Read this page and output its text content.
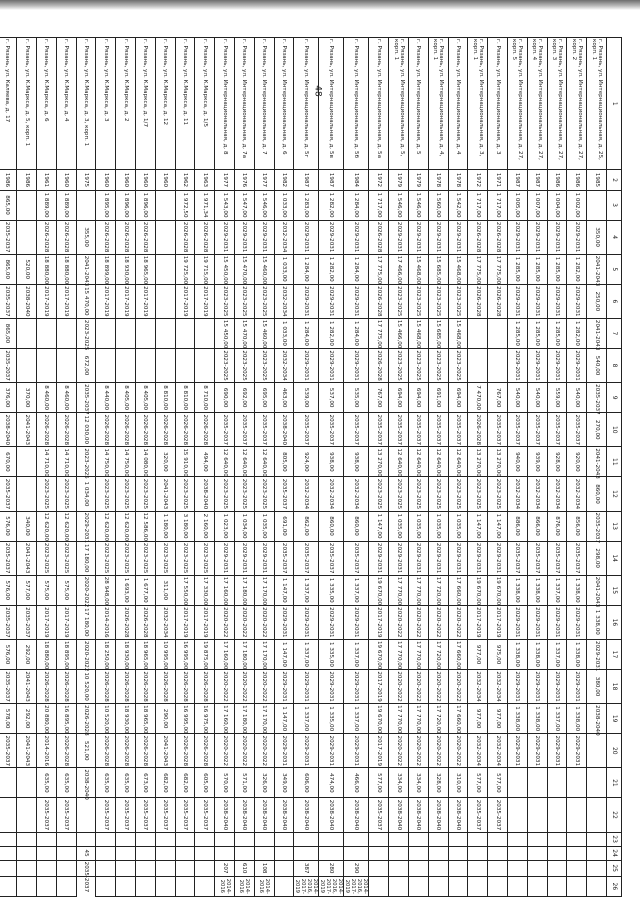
48
1	2	3	4	5	6	7	8	9	10	11	12	13	14	15	16	17	18	19	20	21	22	23	24	25	26
г. Рязань, ул. Интернациональная, д. 25, корп. 1	1985		350,00	2041-2043	250,00	2041-2043	540,00	2035-2037	270,00	2041-2043	860,00	2035-2037	298,00	2041-2043	1 338,00	2029-2031	380,00	2038-2040							
г. Рязань, ул. Интернациональная, д. 27, корп. 2	1986	1 002,00	2029-2031	1 282,00	2029-2031	1 282,00	2029-2031	540,00	2035-2037	920,00	2032-2034	856,00	2035-2037	1 338,00	2029-2031	1 338,00	2029-2031	1 338,00	2029-2031						
г. Рязань, ул. Интернациональная, д. 27, корп. 3	1986	1 004,00	2029-2031	1 285,00	2029-2031	1 285,00	2029-2031	559,00	2035-2037	928,00	2032-2034	876,00	2035-2037	1 337,00	2029-2031	1 337,00	2029-2031	1 337,00	2029-2031						
г. Рязань, ул. Интернациональная, д. 27, корп. 4	1987	1 007,00	2029-2031	1 285,00	2029-2031	1 285,00	2029-2031	540,00	2035-2037	939,00	2032-2034	866,00	2035-2037	1 338,00	2029-2031	1 338,00	2029-2031	1 338,00	2029-2031						
г. Рязань, ул. Интернациональная, д. 27, корп. 5	1987	1 005,00	2029-2031	1 285,00	2029-2031	1 285,00	2029-2031	540,00	2035-2037	940,00	2032-2034	886,00	2035-2037	1 338,00	2029-2031	1 338,00	2029-2031	1 338,00	2029-2031						
г. Рязань, ул. Интернациональная, д. 3	1971	1 717,00	2026-2028	17 775,00	2026-2028			767,00	2035-2037	13 270,00	2023-2025	1 147,00	2029-2031	19 670,00	2017-2019	975,00	2032-2034	977,00	2032-2034	577,00	2035-2037				
г. Рязань, ул. Интернациональная, д. 3, корп. 1	1972	1 717,00	2026-2028	17 775,00	2026-2028			7 470,00	2026-2028	13 270,00	2023-2025	1 147,00	2029-2031	19 670,00	2017-2019	977,00	2032-2034	977,00	2032-2034	577,00	2035-2037				
г. Рязань, ул. Интернациональная, д. 4	1978	1 542,00	2029-2031	15 468,00	2023-2025	15 468,00	2023-2025	694,00	2035-2037	12 640,00	2023-2025	1 035,00	2029-2031	17 660,00	2020-2022	17 660,00	2020-2022	17 660,00	2020-2022	310,00	2038-2040				
г. Рязань, ул. Интернациональная, д. 4, корп. 1	1978	1 560,00	2029-2031	15 685,00	2023-2025	15 685,00	2023-2025	691,00	2035-2037	12 640,00	2023-2025	1 035,00	2029-2031	17 720,00	2020-2022	17 720,00	2020-2022	17 720,00	2020-2022	328,00	2038-2040				
г. Рязань, ул. Интернациональная, д. 5	1979	1 546,00	2029-2031	15 468,00	2023-2025	15 468,00	2023-2025	694,00	2035-2037	12 640,00	2023-2025	1 035,00	2029-2031	17 770,00	2020-2022	17 770,00	2020-2022	17 770,00	2020-2022	334,00	2038-2040				
г. Рязань, ул. Интернациональная, д. 5, корп. 1	1979	1 546,00	2029-2031	17 466,00	2023-2025	15 466,00	2023-2025	694,00	2035-2037	12 640,00	2023-2025	1 035,00	2029-2031	17 770,00	2020-2022	17 770,00	2020-2022	17 770,00	2020-2022	334,00	2038-2040				
г. Рязань, ул. Интернациональная, д. 5а	1972	1 717,00	2026-2028	17 775,00	2026-2028	17 775,00	2026-2028	767,00	2035-2037	13 270,00	2023-2025	1 147,00	2029-2031	19 670,00	2017-2019	19 670,00	2017-2019	19 670,00	2017-2019	577,00	2035-2037				
г. Рязань, ул. Интернациональная, д. 5б	1984	1 284,00	2029-2031	1 284,00	2029-2031	1 284,00	2029-2031	535,00	2035-2037	938,00	2032-2034	860,00	2035-2037	1 337,00	2029-2031	1 337,00	2029-2031	1 337,00	2029-2031	466,00	2038-2040			290	2014-2016, 2017-2019
г. Рязань, ул. Интернациональная, д. 5в	1987	1 282,00	2029-2031	1 282,00	2029-2031	1 282,00	2029-2031	537,00	2035-2037	938,00	2032-2034	860,00	2035-2037	1 335,00	2029-2031	1 335,00	2029-2031	1 335,00	2029-2031	474,00	2038-2040			280	2014-2016, 2017-2019
г. Рязань, ул. Интернациональная, д. 5г	1987	1 283,00	2029-2031	1 284,00	2029-2031	1 284,00	2029-2031	539,00	2035-2037	924,00	2032-2034	862,00	2035-2037	1 337,00	2029-2031	1 337,00	2029-2031	1 337,00	2029-2031	606,00	2038-2040			387	2014-2016, 2017-2019
г. Рязань, ул. Интернациональная, д. 6	1982	1 033,00	2032-2034	1 033,00	2032-2034	1 033,00	2032-2034	463,00	2038-2040	805,00	2035-2037	691,00	2035-2037	1 147,00	2029-2031	1 147,00	2029-2031	1 147,00	2029-2031	349,00	2038-2040				
г. Рязань, ул. Интернациональная, д. 7	1977	1 546,00	2029-2031	15 460,00	2023-2025	15 460,00	2023-2025	695,00	2035-2037	12 640,00	2023-2025	1 035,00	2029-2031	17 170,00	2020-2022	17 170,00	2020-2022	17 170,00	2020-2022	326,00	2038-2040			108	2014-2016
г. Рязань, ул. Интернациональная, д. 7а	1976	1 547,00	2029-2031	15 470,00	2023-2025	15 470,00	2023-2025	692,00	2035-2037	12 640,00	2023-2025	1 034,00	2029-2031	17 180,00	2020-2022	17 180,00	2020-2022	17 180,00	2020-2022	571,00	2038-2040			610	2014-2016
г. Рязань, ул. Интернациональная, д. 8	1977	1 543,00	2029-2031	15 450,00	2023-2025	15 450,00	2023-2025	690,00	2035-2037	12 640,00	2023-2025	1 023,00	2029-2031	17 160,00	2020-2022	17 160,00	2020-2022	17 160,00	2020-2022	570,00	2038-2040			207	2014-2016
г. Рязань, ул. К.Маркса, д. 1/5	1963	1 971,34	2026-2028	19 715,00	2017-2019			8 710,00	2026-2028	494,00	2038-2040	2 160,00	2023-2025	17 330,00	2017-2019	19 875,00	2026-2028	16 975,00	2026-2028	605,00	2035-2037				
г. Рязань, ул. К.Маркса, д. 11	1962	1 972,50	2026-2028	19 725,00	2017-2019			8 810,00	2026-2028	15 910,00	2023-2025	3 180,00	2023-2025	17 550,00	2017-2019	16 995,00	2026-2028	16 995,00	2026-2028	682,00	2035-2037				
г. Рязань, ул. К.Маркса, д. 12	1960							8 810,00	2026-2028	320,00	2041-2043	1 180,00	2023-2025	311,00	2032-2034	10 995,00	2026-2028	290,00	2041-2043	682,00	2035-2037				
г. Рязань, ул. К.Маркса, д. 1/7	1960	1 896,00	2026-2028	18 965,00	2017-2019			8 405,00	2026-2028	14 080,00	2023-2025	12 586,00	2023-2025	1 677,00	2026-2028	18 965,00	2026-2028	18 965,00	2026-2028	673,00	2035-2037				
г. Рязань, ул. К.Маркса, д. 2	1960	1 896,00	2026-2028	18 930,00	2017-2019			8 405,00	2026-2028	14 750,00	2023-2025	12 620,00	2023-2025	1 693,00	2026-2028	18 930,00	2026-2028	18 930,00	2026-2028	635,00	2035-2037				
г. Рязань, ул. К.Маркса, д. 3	1960	1 895,00	2026-2028	18 899,00	2017-2019			8 440,00	2026-2028	14 750,00	2023-2025	12 620,00	2023-2025	28 948,00	2014-2016	18 250,00	2026-2028	10 520,00	2026-2028	635,00	2035-2037				
г. Рязань, ул. К.Маркса, д. 3, корп. 1	1975		355,00	2041-2043	15 470,00	2023-2025	672,00	2035-2037	12 030,00	2023-2025	1 034,00	2029-2031	17 180,00	2020-2022	17 180,00	2020-2022	10 520,00	2026-2028	521,00	2038-2040			45	2035-2037	
г. Рязань, ул. К.Маркса, д. 4	1960	1 889,00	2026-2028	18 880,00	2017-2019			8 460,00	2026-2028	14 710,00	2023-2025	12 620,00	2023-2025	575,00	2017-2019	18 895,00	2026-2028	16 895,00	2026-2028	635,00	2035-2037				
г. Рязань, ул. К.Маркса, д. 6	1961	1 889,00	2026-2028	18 880,00	2017-2019			8 460,00	2026-2028	14 710,00	2023-2025	12 620,00	2023-2025	575,00	2017-2019	18 880,00	2026-2028	20 880,00	2014-2016	635,00	2035-2037				
г. Рязань, ул. К.Маркса, д. 5, корп. 1	1986			520,00	2038-2040			370,00	2041-2043			340,00	2041-2043	577,00	2035-2037	292,00	2041-2043	292,00	2041-2043						
г. Рязань, ул. Каляева, д. 17	1986	865,00	2035-2037	865,00	2035-2037	865,00	2035-2037	376,00	2038-2040	670,00	2035-2037	576,00	2035-2037	576,00	2035-2037	576,00	2035-2037	578,00	2035-2037						
